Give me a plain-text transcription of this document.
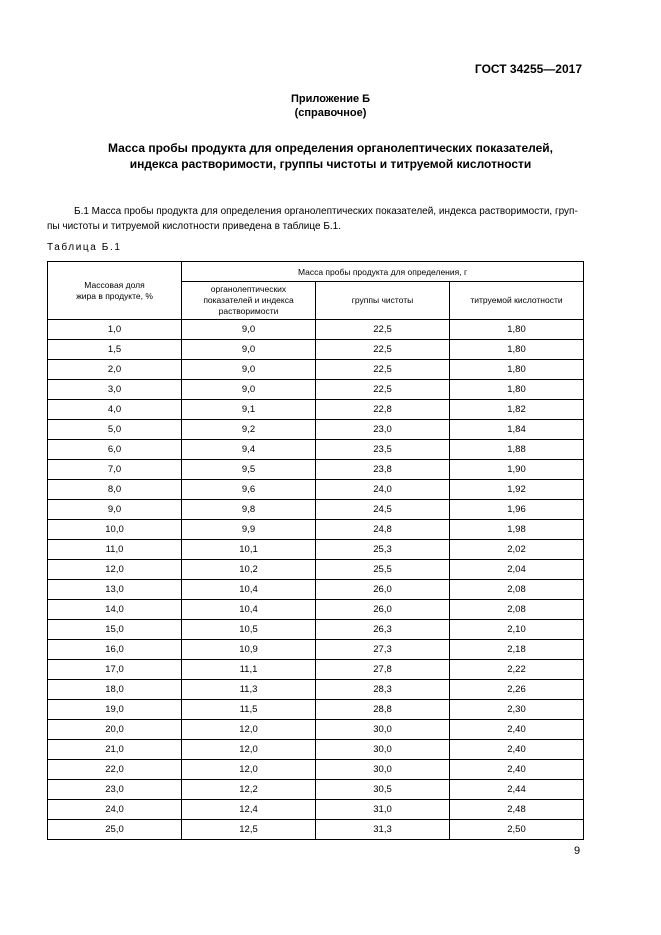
ГОСТ 34255—2017
Приложение Б
(справочное)
Масса пробы продукта для определения органолептических показателей,
индекса растворимости, группы чистоты и титруемой кислотности
Б.1 Масса пробы продукта для определения органолептических показателей, индекса растворимости, груп-
пы чистоты и титруемой кислотности приведена в таблице Б.1.
Таблица Б.1
Массовая доля
жира в продукте, %	Масса пробы продукта для определения, г		

	органолептических
показателей и индекса
растворимости	группы чистоты	титруемой кислотности
1,0	9,0	22,5	1,80
1,5	9,0	22,5	1,80
2,0	9,0	22,5	1,80
3,0	9,0	22,5	1,80
4,0	9,1	22,8	1,82
5,0	9,2	23,0	1,84
6,0	9,4	23,5	1,88
7,0	9,5	23,8	1,90
8,0	9,6	24,0	1,92
9,0	9,8	24,5	1,96
10,0	9,9	24,8	1,98
11,0	10,1	25,3	2,02
12,0	10,2	25,5	2,04
13,0	10,4	26,0	2,08
14,0	10,4	26,0	2,08
15,0	10,5	26,3	2,10
16,0	10,9	27,3	2,18
17,0	11,1	27,8	2,22
18,0	11,3	28,3	2,26
19,0	11,5	28,8	2,30
20,0	12,0	30,0	2,40
21,0	12,0	30,0	2,40
22,0	12,0	30,0	2,40
23,0	12,2	30,5	2,44
24,0	12,4	31,0	2,48
25,0	12,5	31,3	2,50
9
